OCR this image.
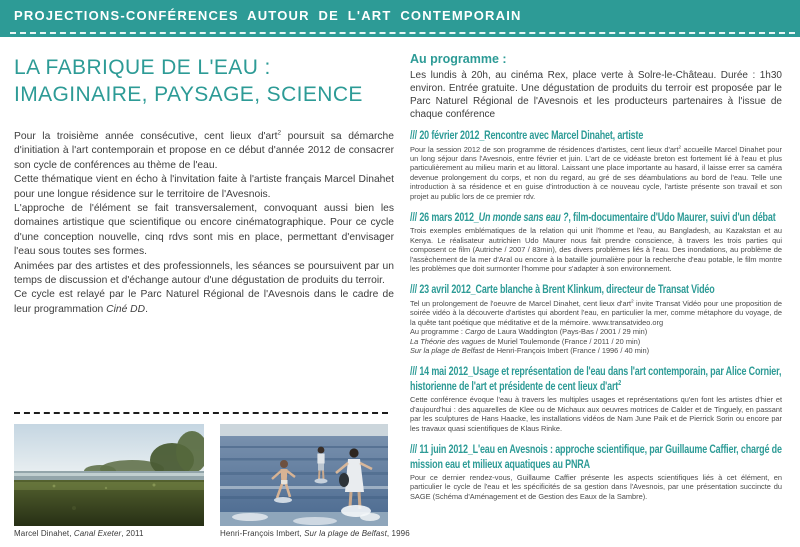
PROJECTIONS-CONFÉRENCES AUTOUR DE L'ART CONTEMPORAIN
LA FABRIQUE DE L'EAU :
IMAGINAIRE, PAYSAGE, SCIENCE

Pour la troisième année consécutive, cent lieux d'art$^2$ poursuit sa démarche d'initiation à l'art contemporain et propose en ce début d'année 2012 de consacrer son cycle de conférences au thème de l'eau.

Cette thématique vient en écho à l'invitation faite à l'artiste français Marcel Dinahet pour une longue résidence sur le territoire de l'Avesnois.

L'approche de l'élément se fait transversalement, convoquant aussi bien les domaines artistique que scientifique ou encore cinématographique. Pour ce cycle d'une conception nouvelle, cinq rdvs sont mis en place, permettant d'envisager l'eau sous toutes ses formes.

Animées par des artistes et des professionnels, les séances se poursuivent par un temps de discussion et d'échange autour d'une dégustation de produits du terroir.

Ce cycle est relayé par le Parc Naturel Régional de l'Avesnois dans le cadre de leur programmation Ciné DD.

Marcel Dinahet, Canal Exeter, 2011	Henri-François Imbert, Sur la plage de Belfast, 1996

Au programme :

Les lundis à 20h, au cinéma Rex, place verte à Solre-le-Château. Durée : 1h30 environ. Entrée gratuite. Une dégustation de produits du terroir est proposée par le Parc Naturel Régional de l'Avesnois et les producteurs partenaires à l'issue de chaque conférence

/// 20 février 2012_Rencontre avec Marcel Dinahet, artiste

Pour la session 2012 de son programme de résidences d'artistes, cent lieux d'art$^2$ accueille Marcel Dinahet pour un long séjour dans l'Avesnois, entre février et juin. L'art de ce vidéaste breton est fortement lié à l'eau et plus particulièrement au milieu marin et au littoral. Laissant une place importante au hasard, il laisse errer sa caméra devenue prolongement du corps, et non du regard, au gré de ses déambulations au bord de l'eau. Telle une introduction à sa résidence et en guise d'introduction à ce nouveau cycle, l'artiste présente son travail et son projet au public lors de ce premier rdv.

/// 26 mars 2012_Un monde sans eau ?, film-documentaire d'Udo Maurer, suivi d'un débat

Trois exemples emblématiques de la relation qui unit l'homme et l'eau, au Bangladesh, au Kazakstan et au Kenya. Le réalisateur autrichien Udo Maurer nous fait prendre conscience, à travers les trois parties qui composent ce film (Autriche / 2007 / 83min), des divers problèmes liés à l'eau. Des inondations, au problème de l'assèchement de la mer d'Aral ou encore à la bataille journalière pour la recherche d'eau potable, le film montre les problèmes que doit surmonter l'homme pour s'adapter à son environnement.

/// 23 avril 2012_Carte blanche à Brent Klinkum, directeur de Transat Vidéo

Tel un prolongement de l'oeuvre de Marcel Dinahet, cent lieux d'art$^2$ invite Transat Vidéo pour une proposition de soirée vidéo à la découverte d'artistes qui abordent l'eau, en particulier la mer, comme métaphore du voyage, de la quête tant poétique que méditative et de la mémoire. www.transatvideo.org
Au programme : Cargo de Laura Waddington (Pays-Bas / 2001 / 29 min)
La Théorie des vagues de Muriel Toulemonde (France / 2011 / 20 min)
Sur la plage de Belfast de Henri-François Imbert (France / 1996 / 40 min)

/// 14 mai 2012_Usage et représentation de l'eau dans l'art contemporain, par Alice Cornier, historienne de l'art et présidente de cent lieux d'art$^2$

Cette conférence évoque l'eau à travers les multiples usages et représentations qu'en font les artistes d'hier et d'aujourd'hui : des aquarelles de Klee ou de Michaux aux oeuvres motrices de Calder et de Tinguely, en passant par les sculptures de Hans Haacke, les installations vidéos de Nam June Paik et de Pierrick Sorin ou encore par les travaux quasi scientifiques de Klaus Rinke.

/// 11 juin 2012_L'eau en Avesnois : approche scientifique, par Guillaume Caffier, chargé de mission eau et milieux aquatiques au PNRA

Pour ce dernier rendez-vous, Guillaume Caffier présente les aspects scientifiques liés à cet élément, en particulier le cycle de l'eau et les spécificités de sa gestion dans l'Avesnois, par une présentation succincte du SAGE (Schéma d'Aménagement et de Gestion des Eaux de la Sambre).
